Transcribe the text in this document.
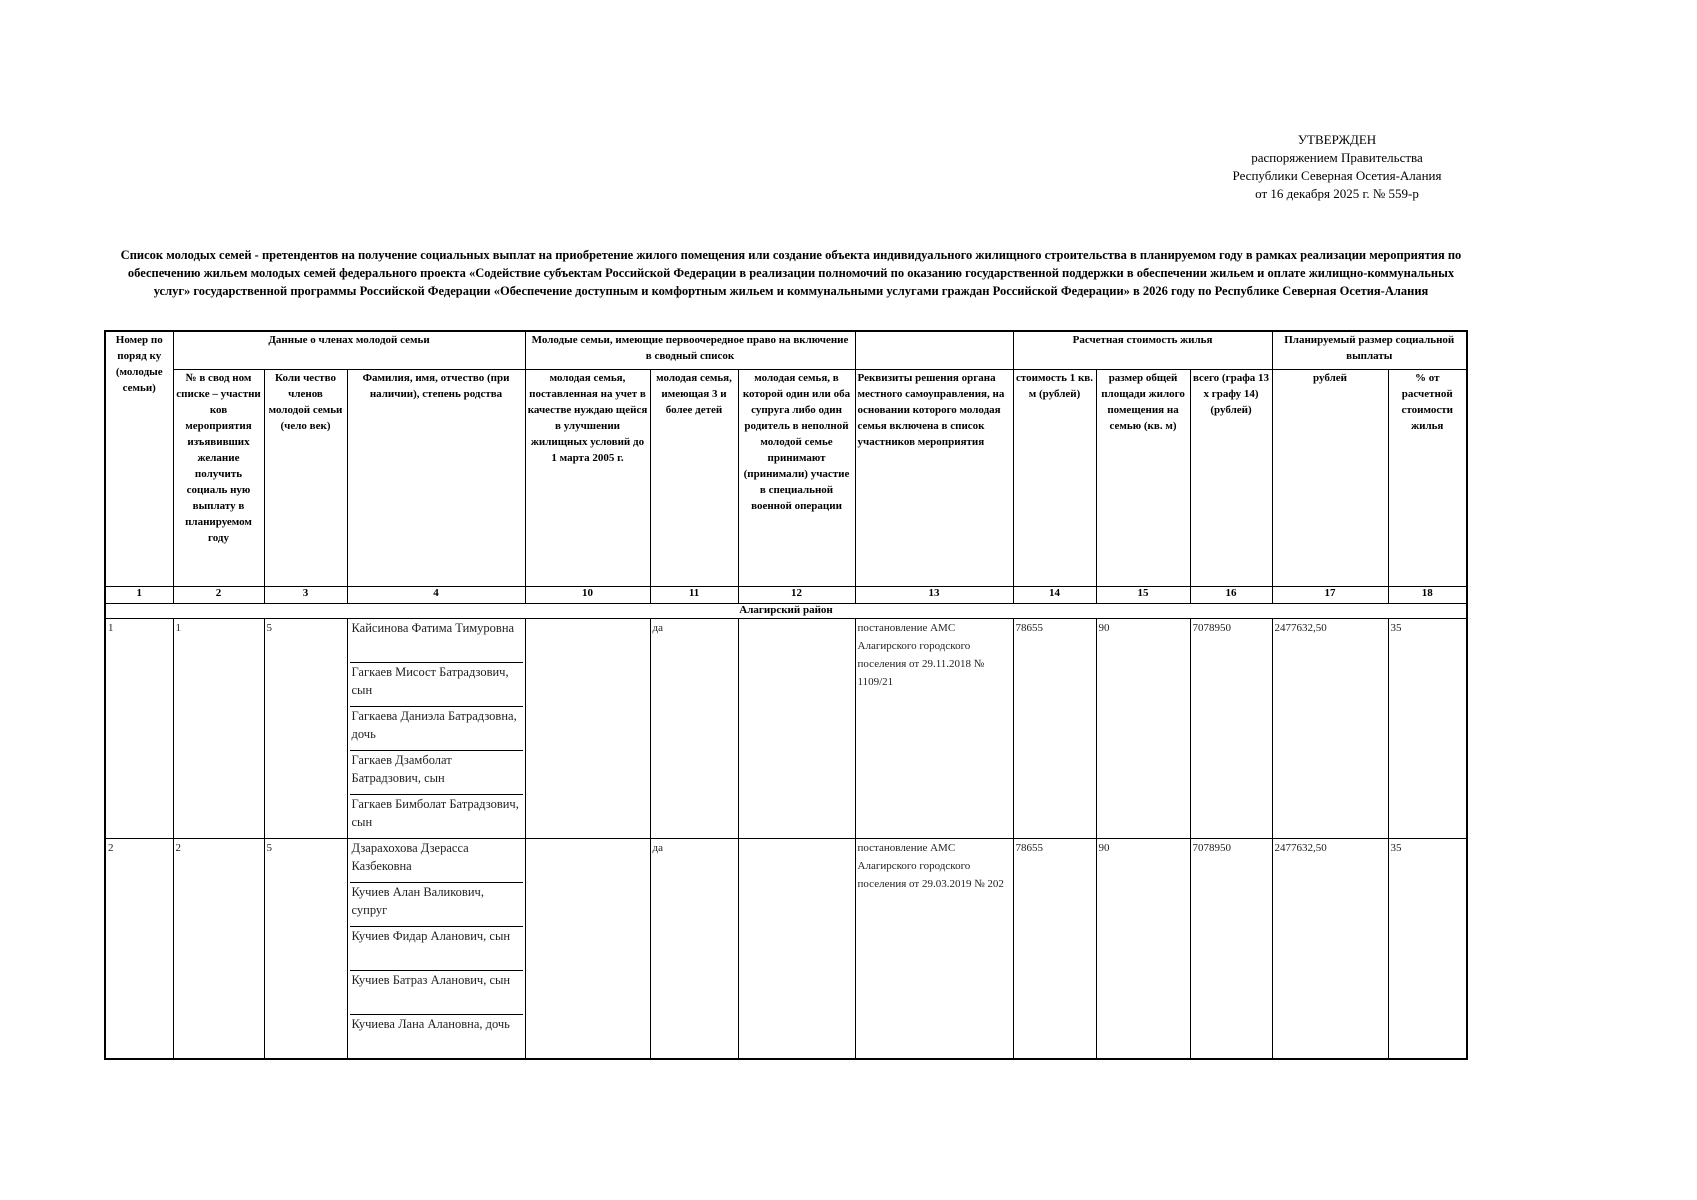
УТВЕРЖДЕН
распоряжением Правительства
Республики Северная Осетия-Алания
от 16 декабря 2025 г. № 559-р
Список молодых семей - претендентов на получение социальных выплат на приобретение жилого помещения или создание объекта индивидуального жилищного строительства в планируемом году в рамках реализации мероприятия по обеспечению жильем молодых семей федерального проекта «Содействие субъектам Российской Федерации в реализации полномочий по оказанию государственной поддержки в обеспечении жильем и оплате жилищно-коммунальных услуг» государственной программы Российской Федерации «Обеспечение доступным и комфортным жильем и коммунальными услугами граждан Российской Федерации» в 2026 году по Республике Северная Осетия-Алания
Номер по поряд ку (молодые семьи)	Данные о членах молодой семьи			Молодые семьи, имеющие первоочередное право на включение в сводный список				Расчетная стоимость жилья			Планируемый размер социальной выплаты	
	№ в свод ном списке – участни ков мероприятия изъявивших желание получить социаль ную выплату в планируемом году	Коли чество членов молодой семьи (чело век)	Фамилия, имя, отчество (при наличии), степень родства	молодая семья, поставленная на учет в качестве нуждаю щейся в улучшении жилищных условий до 1 марта 2005 г.	молодая семья, имеющая 3 и более детей	молодая семья, в которой один или оба супруга либо один родитель в неполной молодой семье принимают (принимали) участие в специальной военной операции	Реквизиты решения органа местного самоуправления, на основании которого молодая семья включена в список участников мероприятия	стоимость 1 кв. м (рублей)	размер общей площади жилого помещения на семью (кв. м)	всего (графа 13 х графу 14) (рублей)	рублей	% от расчетной стоимости жилья
1	2	3	4	10	11	12	13	14	15	16	17	18
Алагирский район												
1	1	5	Кайсинова Фатима Тимуровна
Гагкаев Мисост Батрадзович, сын
Гагкаева Даниэла Батрадзовна, дочь
Гагкаев Дзамболат Батрадзович, сын
Гагкаев Бимболат Батрадзович, сын		да		постановление АМС Алагирского городского поселения от 29.11.2018 № 1109/21	78655	90	7078950	2477632,50	35
2	2	5	Дзарахохова Дзерасса Казбековна
Кучиев Алан Валикович, супруг
Кучиев Фидар Аланович, сын
Кучиев Батраз Аланович, сын
Кучиева Лана Алановна, дочь		да		постановление АМС Алагирского городского поселения от 29.03.2019 № 202	78655	90	7078950	2477632,50	35
